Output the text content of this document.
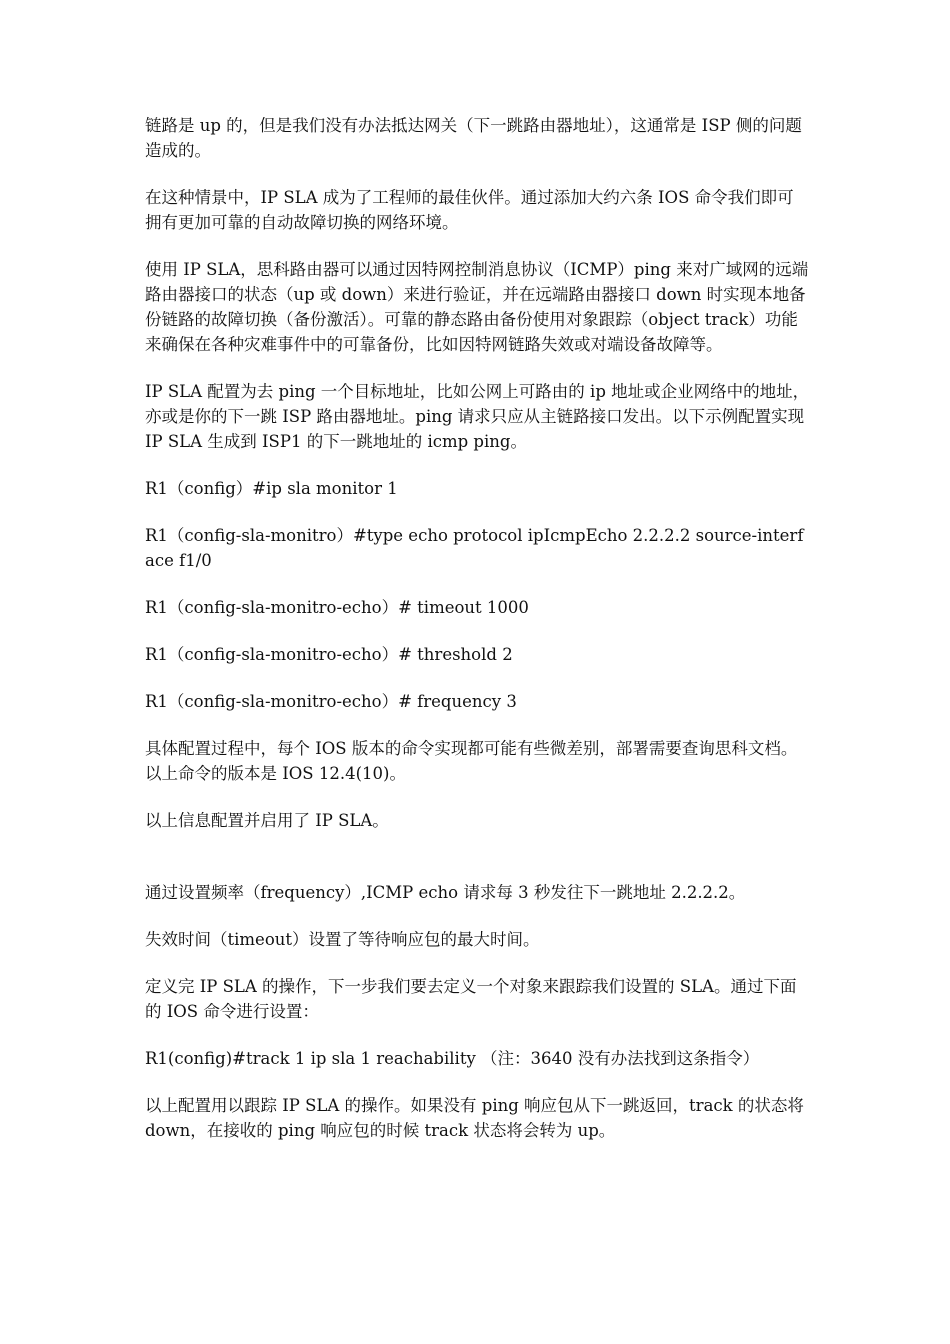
链路是 up 的，但是我们没有办法抵达网关（下一跳路由器地址），这通常是 ISP 侧的问题造成的。

在这种情景中，IP SLA 成为了工程师的最佳伙伴。通过添加大约六条 IOS 命令我们即可拥有更加可靠的自动故障切换的网络环境。

使用 IP SLA，思科路由器可以通过因特网控制消息协议（ICMP）ping 来对广域网的远端路由器接口的状态（up 或 down）来进行验证，并在远端路由器接口 down 时实现本地备份链路的故障切换（备份激活）。可靠的静态路由备份使用对象跟踪（object track）功能来确保在各种灾难事件中的可靠备份，比如因特网链路失效或对端设备故障等。

IP SLA 配置为去 ping 一个目标地址，比如公网上可路由的 ip 地址或企业网络中的地址，亦或是你的下一跳 ISP 路由器地址。ping 请求只应从主链路接口发出。以下示例配置实现 IP SLA 生成到 ISP1 的下一跳地址的 icmp ping。

R1（config）#ip sla monitor 1

R1（config-sla-monitro）#type echo protocol ipIcmpEcho 2.2.2.2 source-interface f1/0

R1（config-sla-monitro-echo）# timeout 1000

R1（config-sla-monitro-echo）# threshold 2

R1（config-sla-monitro-echo）# frequency 3

具体配置过程中，每个 IOS 版本的命令实现都可能有些微差别，部署需要查询思科文档。以上命令的版本是 IOS 12.4(10)。

以上信息配置并启用了 IP SLA。

通过设置频率（frequency）,ICMP echo 请求每 3 秒发往下一跳地址 2.2.2.2。

失效时间（timeout）设置了等待响应包的最大时间。

定义完 IP SLA 的操作，下一步我们要去定义一个对象来跟踪我们设置的 SLA。通过下面的 IOS 命令进行设置：

R1(config)#track 1 ip sla 1 reachability （注：3640 没有办法找到这条指令）

以上配置用以跟踪 IP SLA 的操作。如果没有 ping 响应包从下一跳返回，track 的状态将 down，在接收的 ping 响应包的时候 track 状态将会转为 up。
